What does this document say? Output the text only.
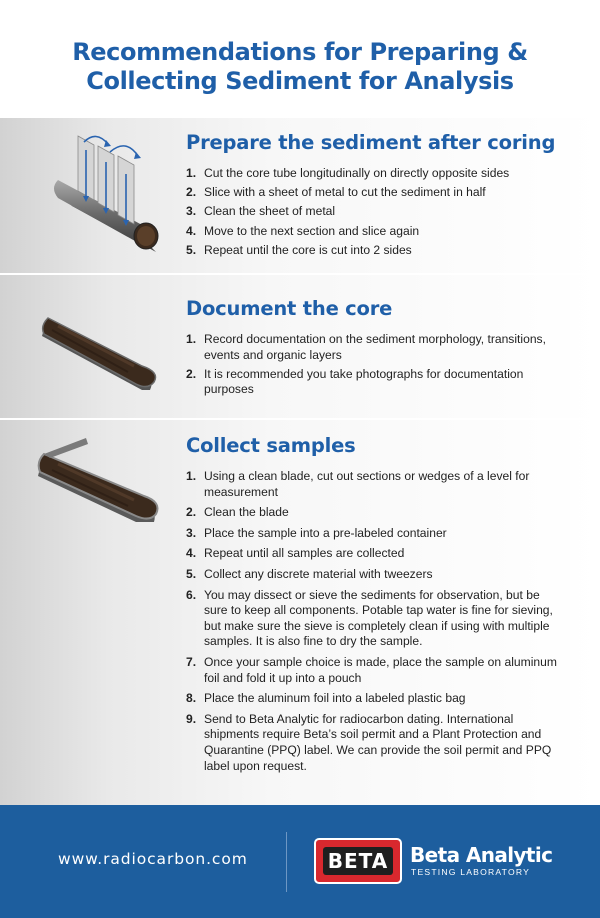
Recommendations for Preparing &
Collecting Sediment for Analysis
Prepare the sediment after coring
1. Cut the core tube longitudinally on directly opposite sides
2. Slice with a sheet of metal to cut the sediment in half
3. Clean the sheet of metal
4. Move to the next section and slice again
5. Repeat until the core is cut into 2 sides
Document the core
1. Record documentation on the sediment morphology, transitions, events and organic layers
2. It is recommended you take photographs for documentation purposes
Collect samples
1. Using a clean blade, cut out sections or wedges of a level for measurement
2. Clean the blade
3. Place the sample into a pre-labeled container
4. Repeat until all samples are collected
5. Collect any discrete material with tweezers
6. You may dissect or sieve the sediments for observation, but be sure to keep all components. Potable tap water is fine for sieving, but make sure the sieve is completely clean if using with multiple samples. It is also fine to dry the sample.
7. Once your sample choice is made, place the sample on aluminum foil and fold it up into a pouch
8. Place the aluminum foil into a labeled plastic bag
9. Send to Beta Analytic for radiocarbon dating. International shipments require Beta’s soil permit and a Plant Protection and Quarantine (PPQ) label. We can provide the soil permit and PPQ label upon request.
www.radiocarbon.com	BETA Beta Analytic
TESTING LABORATORY
